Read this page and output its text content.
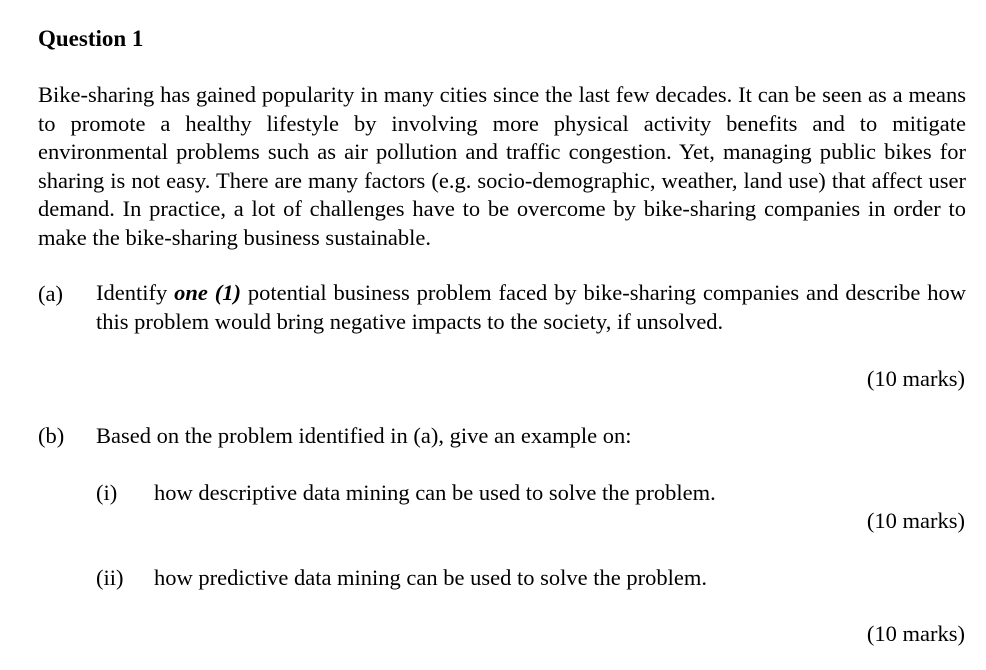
Question 1
Bike-sharing has gained popularity in many cities since the last few decades. It can be seen as a means to promote a healthy lifestyle by involving more physical activity benefits and to mitigate environmental problems such as air pollution and traffic congestion. Yet, managing public bikes for sharing is not easy. There are many factors (e.g. socio-demographic, weather, land use) that affect user demand. In practice, a lot of challenges have to be overcome by bike-sharing companies in order to make the bike-sharing business sustainable.
(a) Identify one (1) potential business problem faced by bike-sharing companies and describe how this problem would bring negative impacts to the society, if unsolved.
(10 marks)
(b) Based on the problem identified in (a), give an example on:
(i) how descriptive data mining can be used to solve the problem.
(10 marks)
(ii) how predictive data mining can be used to solve the problem.
(10 marks)
